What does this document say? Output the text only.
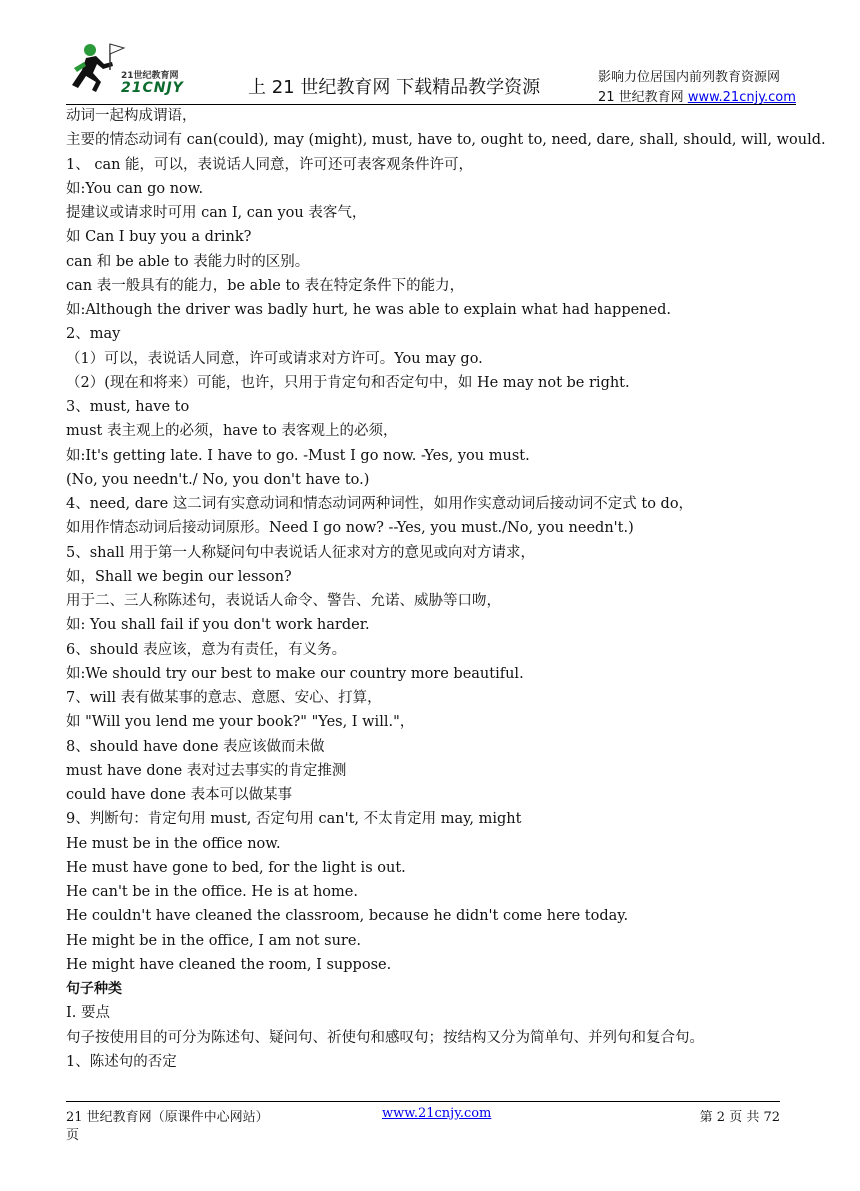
21世纪教育网
21CNJY	上 21 世纪教育网 下载精品教学资源	影响力位居国内前列教育资源网
21 世纪教育网 www.21cnjy.com
动词一起构成谓语，
主要的情态动词有 can(could), may (might), must, have to, ought to, need, dare, shall, should, will, would.
1、 can 能，可以，表说话人同意，许可还可表客观条件许可，
如:You can go now.
提建议或请求时可用 can I, can you 表客气，
如 Can I buy you a drink?
can 和 be able to 表能力时的区别。
can 表一般具有的能力，be able to 表在特定条件下的能力，
如:Although the driver was badly hurt, he was able to explain what had happened.
2、may
（1）可以，表说话人同意，许可或请求对方许可。You may go.
（2）(现在和将来）可能，也许，只用于肯定句和否定句中，如 He may not be right.
3、must, have to
must 表主观上的必须，have to 表客观上的必须，
如:It's getting late. I have to go. -Must I go now. -Yes, you must.
(No, you needn't./ No, you don't have to.)
4、need, dare 这二词有实意动词和情态动词两种词性，如用作实意动词后接动词不定式 to do，
如用作情态动词后接动词原形。Need I go now? --Yes, you must./No, you needn't.)
5、shall 用于第一人称疑问句中表说话人征求对方的意见或向对方请求，
如，Shall we begin our lesson?
用于二、三人称陈述句，表说话人命令、警告、允诺、威胁等口吻，
如: You shall fail if you don't work harder.
6、should 表应该，意为有责任，有义务。
如:We should try our best to make our country more beautiful.
7、will 表有做某事的意志、意愿、安心、打算，
如 "Will you lend me your book?" "Yes, I will."，
8、should have done 表应该做而未做
must have done 表对过去事实的肯定推测
could have done 表本可以做某事
9、判断句：肯定句用 must, 否定句用 can't, 不太肯定用 may, might
He must be in the office now.
He must have gone to bed, for the light is out.
He can't be in the office. He is at home.
He couldn't have cleaned the classroom, because he didn't come here today.
He might be in the office, I am not sure.
He might have cleaned the room, I suppose.
句子种类
I. 要点
句子按使用目的可分为陈述句、疑问句、祈使句和感叹句；按结构又分为简单句、并列句和复合句。
1、陈述句的否定
21 世纪教育网（原课件中心网站）	www.21cnjy.com	第 2 页 共 72
页
